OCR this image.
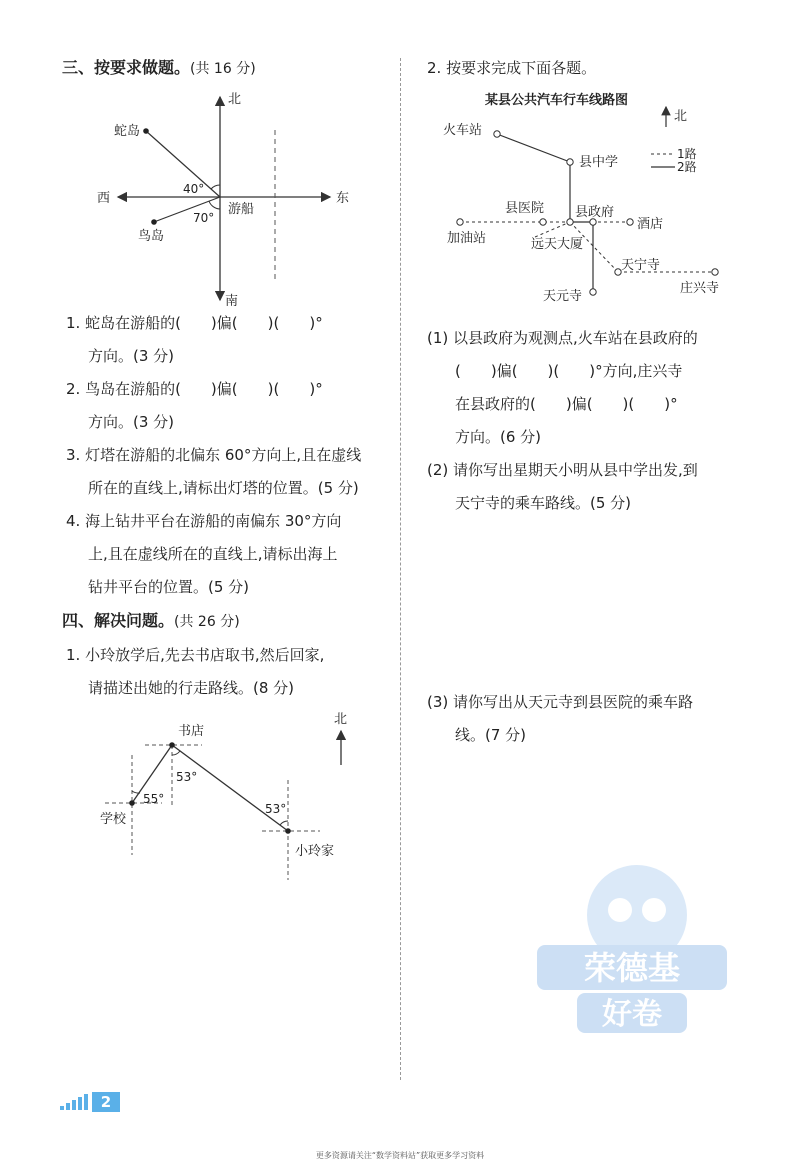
三、按要求做题。(共 16 分)
北
南
东
西
蛇岛
鸟岛
游船
40°
70°
1. 蛇岛在游船的(　　)偏(　　)(　　)°
方向。(3 分)
2. 鸟岛在游船的(　　)偏(　　)(　　)°
方向。(3 分)
3. 灯塔在游船的北偏东 60°方向上,且在虚线
所在的直线上,请标出灯塔的位置。(5 分)
4. 海上钻井平台在游船的南偏东 30°方向
上,且在虚线所在的直线上,请标出海上
钻井平台的位置。(5 分)
四、解决问题。(共 26 分)
1. 小玲放学后,先去书店取书,然后回家,
请描述出她的行走路线。(8 分)
北
书店
学校
小玲家
53°
55°
53°
2. 按要求完成下面各题。
某县公共汽车行车线路图
北
1路
2路
火车站
县中学
县医院 县政府
酒店
加油站	远天大厦
天宁寺
庄兴寺
天元寺
(1) 以县政府为观测点,火车站在县政府的
(　　)偏(　　)(　　)°方向,庄兴寺
在县政府的(　　)偏(　　)(　　)°
方向。(6 分)
(2) 请你写出星期天小明从县中学出发,到
天宁寺的乘车路线。(5 分)
(3) 请你写出从天元寺到县医院的乘车路
线。(7 分)
荣德基
好卷
2
更多资源请关注“数学资料站”获取更多学习资料
